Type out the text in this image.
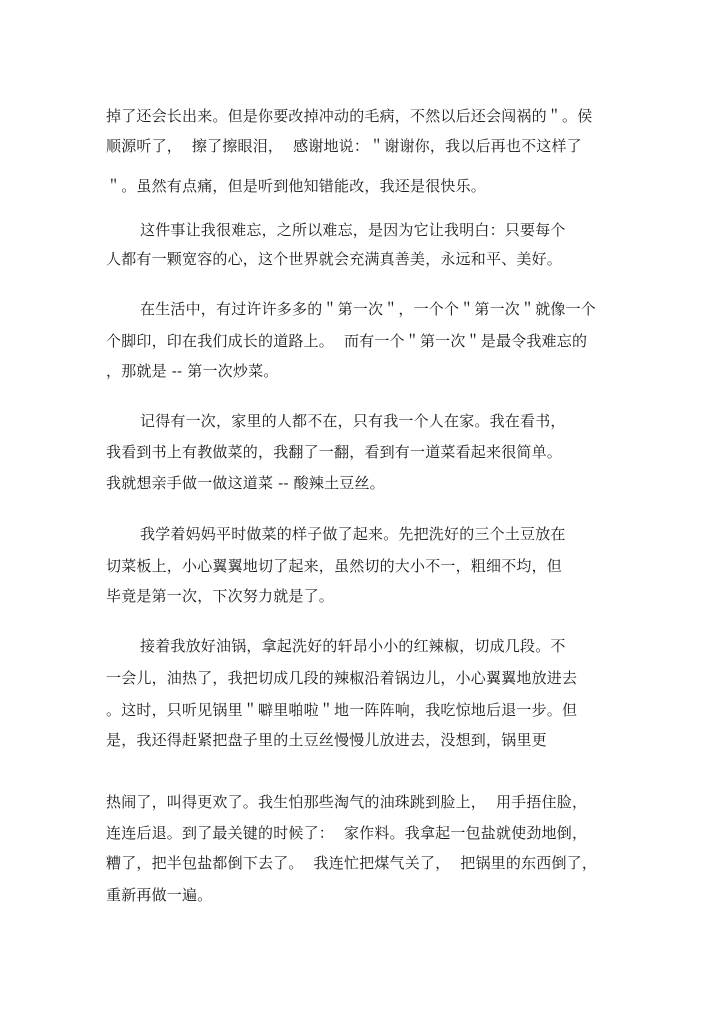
掉了还会长出来。但是你要改掉冲动的毛病，不然以后还会闯祸的＂。侯
顺源听了，  擦了擦眼泪，  感谢地说：＂谢谢你，我以后再也不这样了
＂。虽然有点痛，但是听到他知错能改，我还是很快乐。
这件事让我很难忘，之所以难忘，是因为它让我明白：只要每个
人都有一颗宽容的心，这个世界就会充满真善美，永远和平、美好。
在生活中，有过许许多多的＂第一次＂，一个个＂第一次＂就像一个
个脚印，印在我们成长的道路上。  而有一个＂第一次＂是最令我难忘的
，那就是 -- 第一次炒菜。
记得有一次，家里的人都不在，只有我一个人在家。我在看书，
我看到书上有教做菜的，我翻了一翻，看到有一道菜看起来很简单。
我就想亲手做一做这道菜 -- 酸辣土豆丝。
我学着妈妈平时做菜的样子做了起来。先把洗好的三个土豆放在
切菜板上，小心翼翼地切了起来，虽然切的大小不一，粗细不均，但
毕竟是第一次，下次努力就是了。
接着我放好油锅，拿起洗好的轩昂小小的红辣椒，切成几段。不
一会儿，油热了，我把切成几段的辣椒沿着锅边儿，小心翼翼地放进去
。这时，只听见锅里＂噼里啪啦＂地一阵阵响，我吃惊地后退一步。但
是，我还得赶紧把盘子里的土豆丝慢慢儿放进去，没想到，锅里更
热闹了，叫得更欢了。我生怕那些淘气的油珠跳到脸上，  用手捂住脸，
连连后退。到了最关键的时候了：  家作料。我拿起一包盐就使劲地倒，
糟了，把半包盐都倒下去了。  我连忙把煤气关了，  把锅里的东西倒了，
重新再做一遍。
